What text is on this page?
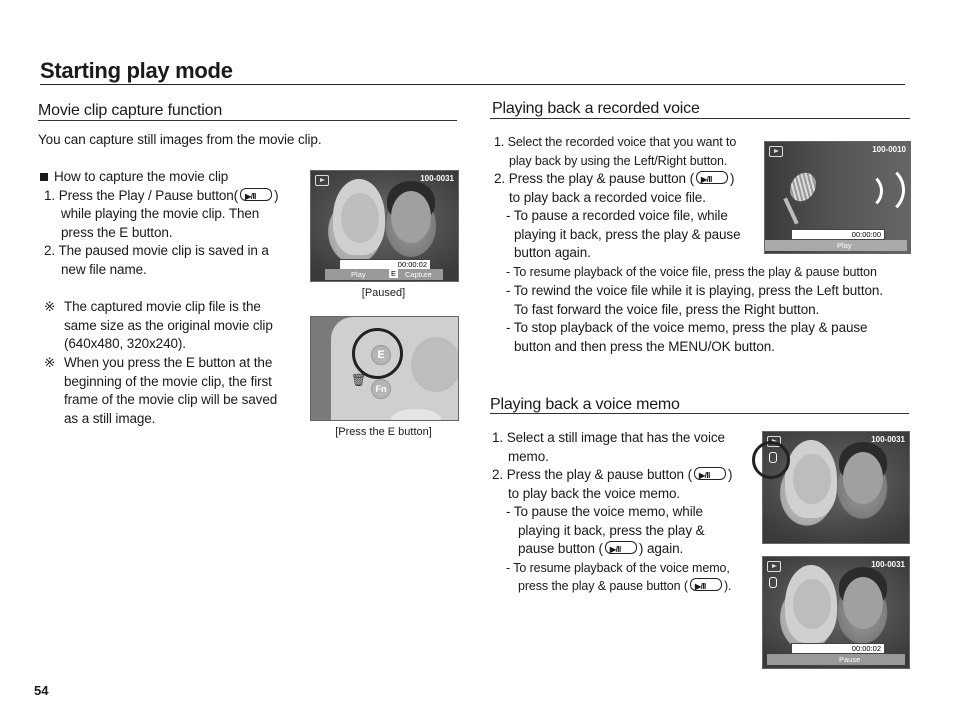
Starting play mode
Movie clip capture function
You can capture still images from the movie clip.
How to capture the movie clip
1. Press the Play / Pause button( ▶/II	)
while playing the movie clip. Then
press the E button.
2. The paused movie clip is saved in a
new file name.
※ The captured movie clip file is the
same size as the original movie clip
(640x480, 320x240).
※ When you press the E button at the
beginning of the movie clip, the first
frame of the movie clip will be saved
as a still image.
100-0031
00:00:02
Play	E Capture
[Paused]
E
Fn
🗑
[Press the E button]
Playing back a recorded voice
1. Select the recorded voice that you want to
play back by using the Left/Right button.
2. Press the play & pause button ( ▶/II	)
to play back a recorded voice file.
- To pause a recorded voice file, while
playing it back, press the play & pause
button again.
- To resume playback of the voice file, press the play & pause button
- To rewind the voice file while it is playing, press the Left button.
To fast forward the voice file, press the Right button.
- To stop playback of the voice memo, press the play & pause
button and then press the MENU/OK button.
100-0010
00:00:00
Play
Playing back a voice memo
1. Select a still image that has the voice
memo.
2. Press the play & pause button ( ▶/II	)
to play back the voice memo.
- To pause the voice memo, while
playing it back, press the play &
pause button ( ▶/II	) again.
- To resume playback of the voice memo,
press the play & pause button ( ▶/II	).
100-0031
100-0031
00:00:02
Pause
54
